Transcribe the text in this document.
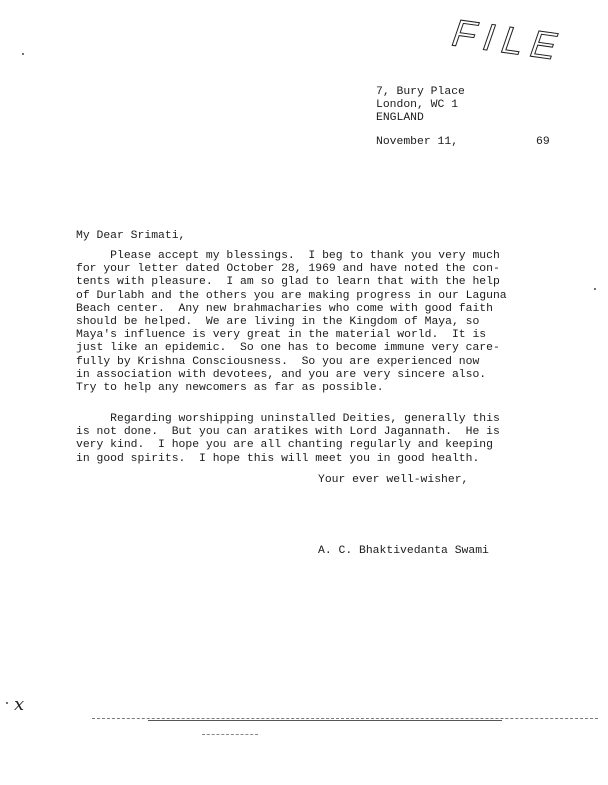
FILE
7, Bury Place
London, WC 1
ENGLAND
November 11,	69
My Dear Srimati,
Please accept my blessings.  I beg to thank you very much
for your letter dated October 28, 1969 and have noted the con-
tents with pleasure.  I am so glad to learn that with the help
of Durlabh and the others you are making progress in our Laguna
Beach center.  Any new brahmacharies who come with good faith
should be helped.  We are living in the Kingdom of Maya, so
Maya's influence is very great in the material world.  It is
just like an epidemic.  So one has to become immune very care-
fully by Krishna Consciousness.  So you are experienced now
in association with devotees, and you are very sincere also.
Try to help any newcomers as far as possible.
Regarding worshipping uninstalled Deities, generally this
is not done.  But you can aratikes with Lord Jagannath.  He is
very kind.  I hope you are all chanting regularly and keeping
in good spirits.  I hope this will meet you in good health.
Your ever well-wisher,
A. C. Bhaktivedanta Swami
x
